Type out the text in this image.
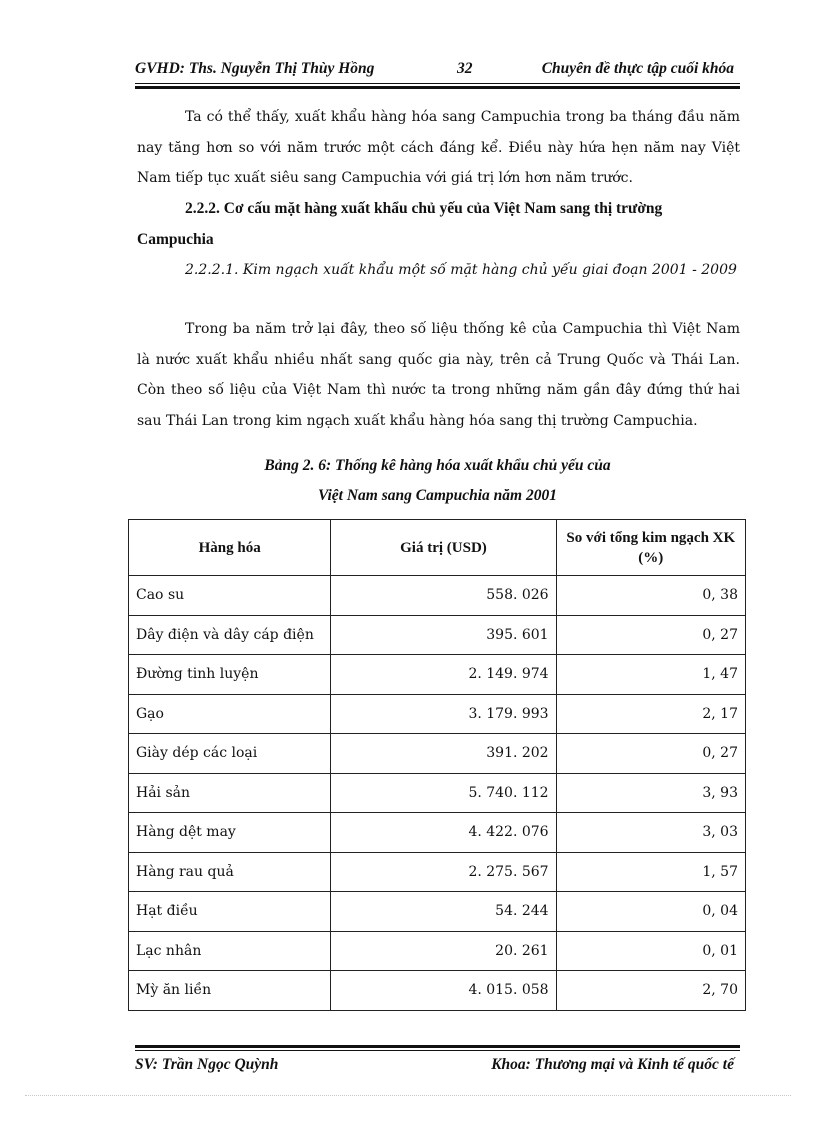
GVHD: Ths. Nguyễn Thị Thùy Hồng	32	Chuyên đề thực tập cuối khóa
Ta có thể thấy, xuất khẩu hàng hóa sang Campuchia trong ba tháng đầu năm nay tăng hơn so với năm trước một cách đáng kể. Điều này hứa hẹn năm nay Việt Nam tiếp tục xuất siêu sang Campuchia với giá trị lớn hơn năm trước.
2.2.2. Cơ cấu mặt hàng xuất khẩu chủ yếu của Việt Nam sang thị trường Campuchia
2.2.2.1. Kim ngạch xuất khẩu một số mặt hàng chủ yếu giai đoạn 2001 - 2009
Trong ba năm trở lại đây, theo số liệu thống kê của Campuchia thì Việt Nam là nước xuất khẩu nhiều nhất sang quốc gia này, trên cả Trung Quốc và Thái Lan. Còn theo số liệu của Việt Nam thì nước ta trong những năm gần đây đứng thứ hai sau Thái Lan trong kim ngạch xuất khẩu hàng hóa sang thị trường Campuchia.
Bảng 2. 6: Thống kê hàng hóa xuất khẩu chủ yếu của
Việt Nam sang Campuchia năm 2001
Hàng hóa	Giá trị (USD)	So với tổng kim ngạch XK (%)
Cao su	558. 026	0, 38
Dây điện và dây cáp điện	395. 601	0, 27
Đường tinh luyện	2. 149. 974	1, 47
Gạo	3. 179. 993	2, 17
Giày dép các loại	391. 202	0, 27
Hải sản	5. 740. 112	3, 93
Hàng dệt may	4. 422. 076	3, 03
Hàng rau quả	2. 275. 567	1, 57
Hạt điều	54. 244	0, 04
Lạc nhân	20. 261	0, 01
Mỳ ăn liền	4. 015. 058	2, 70
SV: Trần Ngọc Quỳnh	Khoa: Thương mại và Kinh tế quốc tế
